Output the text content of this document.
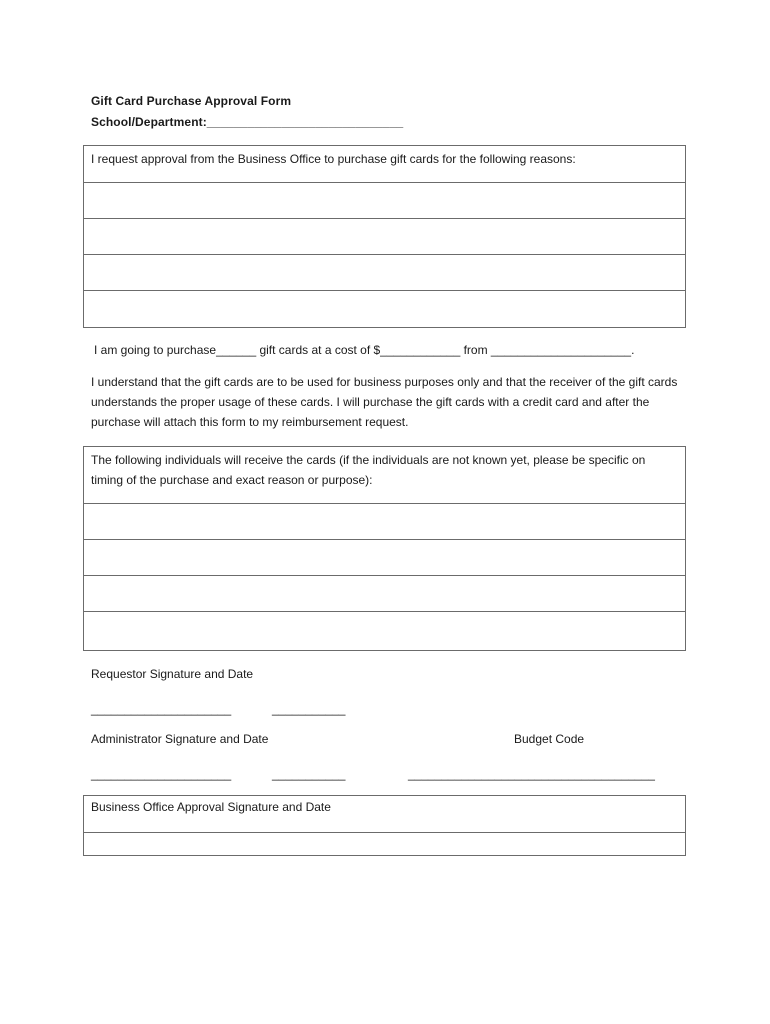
Gift Card Purchase Approval Form
School/Department:_____________________________
I request approval from the Business Office to purchase gift cards for the following reasons:
I am going to purchase______ gift cards at a cost of $____________ from _____________________.
I understand that the gift cards are to be used for business purposes only and that the receiver of the gift cards understands the proper usage of these cards. I will purchase the gift cards with a credit card and after the purchase will attach this form to my reimbursement request.
The following individuals will receive the cards (if the individuals are not known yet, please be specific on timing of the purchase and exact reason or purpose):
Requestor Signature and Date
_____________________	___________
Administrator Signature and Date	Budget Code
_____________________	___________	_____________________________________
Business Office Approval Signature and Date
